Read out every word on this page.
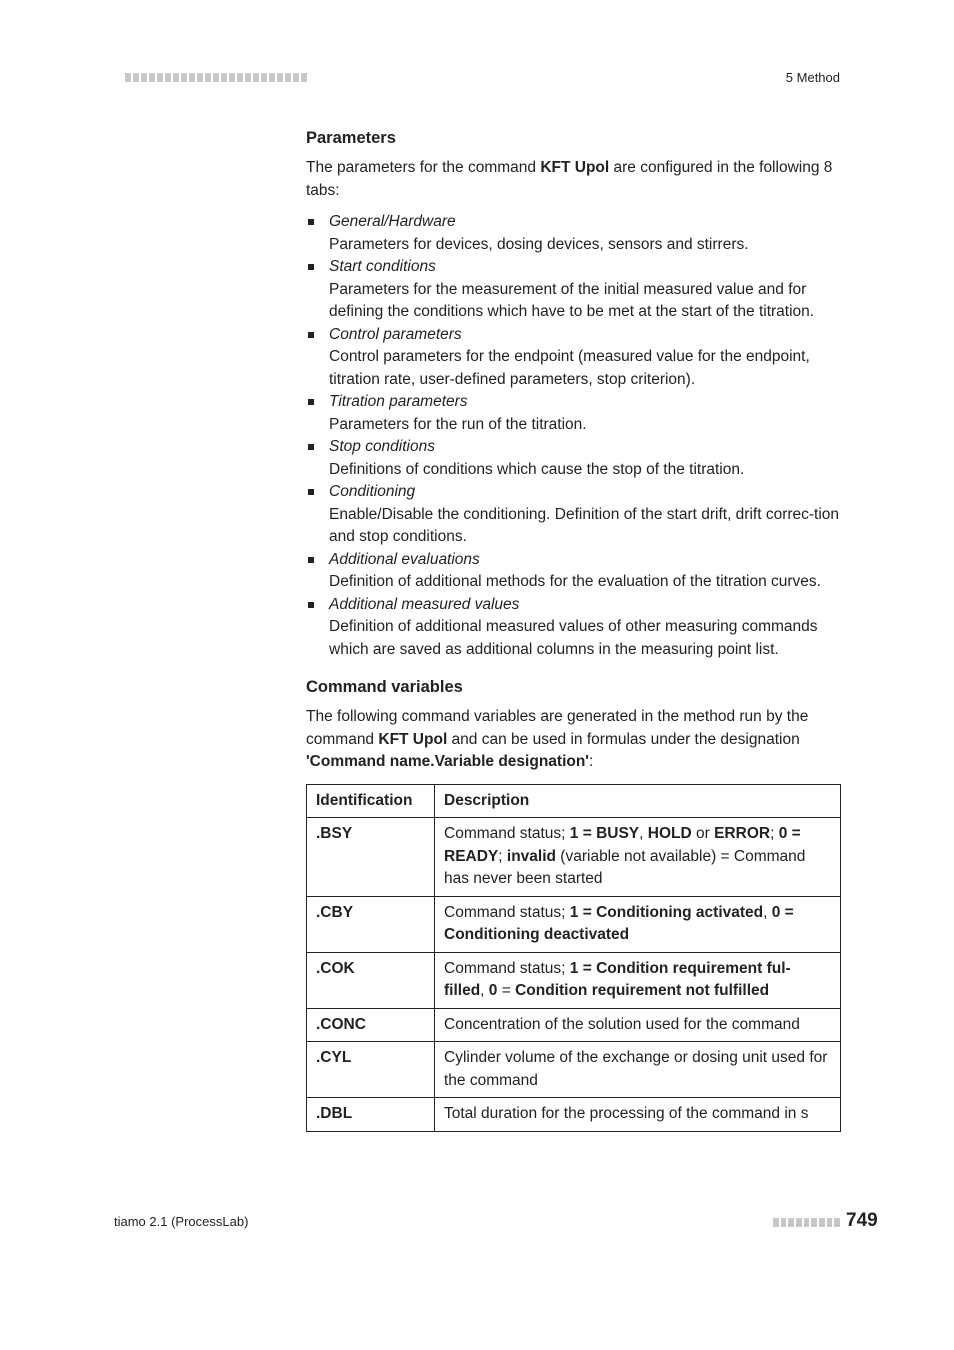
5 Method
Parameters

The parameters for the command KFT Upol are configured in the following 8 tabs:

General/Hardware
Parameters for devices, dosing devices, sensors and stirrers.
Start conditions
Parameters for the measurement of the initial measured value and for defining the conditions which have to be met at the start of the titration.
Control parameters
Control parameters for the endpoint (measured value for the endpoint, titration rate, user-defined parameters, stop criterion).
Titration parameters
Parameters for the run of the titration.
Stop conditions
Definitions of conditions which cause the stop of the titration.
Conditioning
Enable/Disable the conditioning. Definition of the start drift, drift correc-tion and stop conditions.
Additional evaluations
Definition of additional methods for the evaluation of the titration curves.
Additional measured values
Definition of additional measured values of other measuring commands which are saved as additional columns in the measuring point list.
Command variables

The following command variables are generated in the method run by the command KFT Upol and can be used in formulas under the designation 'Command name.Variable designation':

Identification	Description
.BSY	Command status; 1 = BUSY, HOLD or ERROR; 0 = READY; invalid (variable not available) = Command has never been started
.CBY	Command status; 1 = Conditioning activated, 0 = Conditioning deactivated
.COK	Command status; 1 = Condition requirement ful-filled, 0 = Condition requirement not fulfilled
.CONC	Concentration of the solution used for the command
.CYL	Cylinder volume of the exchange or dosing unit used for the command
.DBL	Total duration for the processing of the command in s
tiamo 2.1 (ProcessLab)	749
